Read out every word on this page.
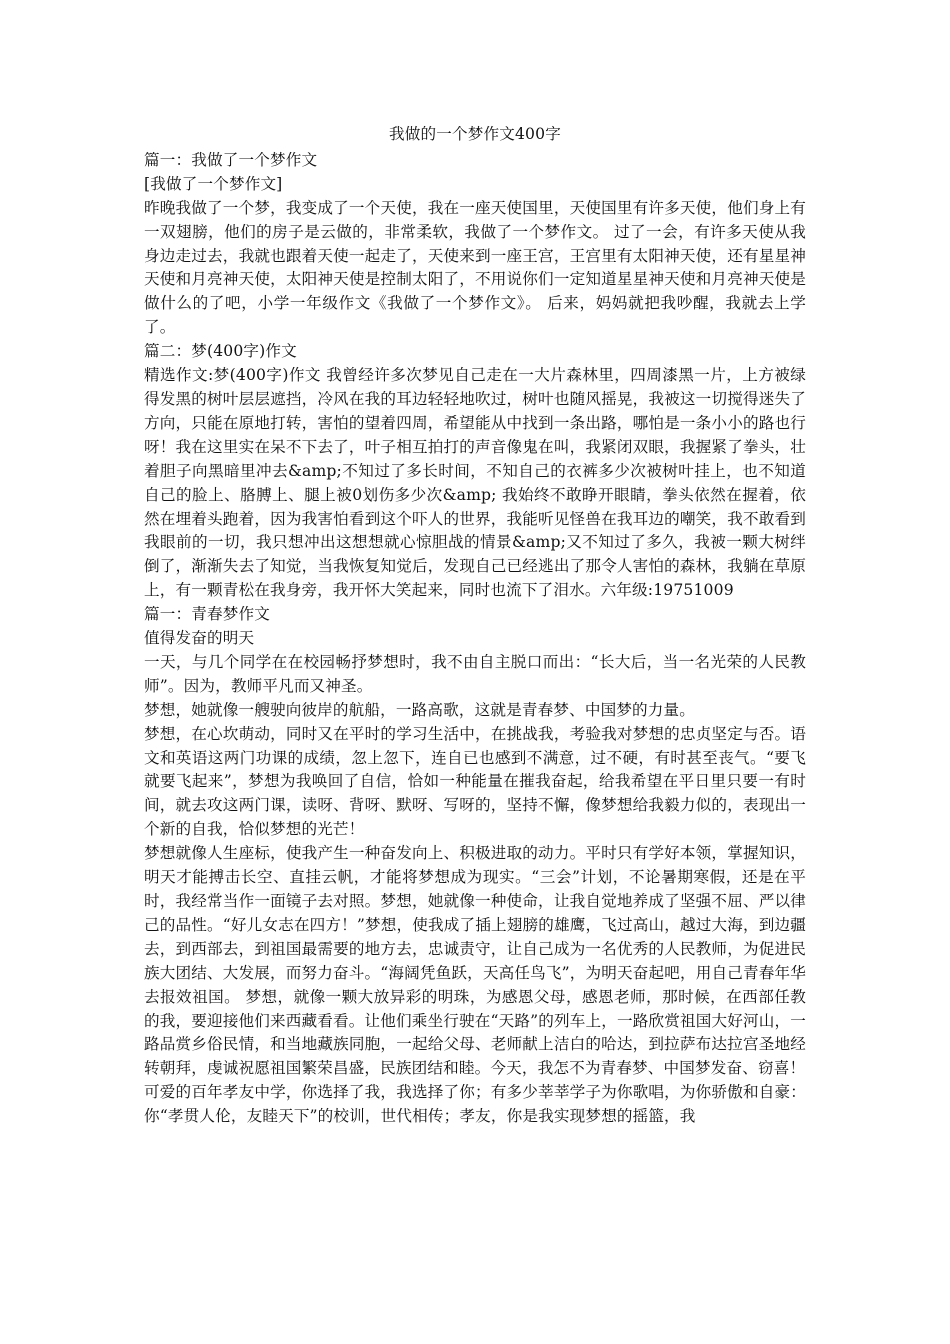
我做的一个梦作文400字

篇一：我做了一个梦作文

[我做了一个梦作文]

昨晚我做了一个梦，我变成了一个天使，我在一座天使国里，天使国里有许多天使，他们身上有一双翅膀，他们的房子是云做的，非常柔软，我做了一个梦作文。 过了一会，有许多天使从我身边走过去，我就也跟着天使一起走了，天使来到一座王宫，王宫里有太阳神天使，还有星星神天使和月亮神天使，太阳神天使是控制太阳了，不用说你们一定知道星星神天使和月亮神天使是做什么的了吧，小学一年级作文《我做了一个梦作文》。 后来，妈妈就把我吵醒，我就去上学了。

篇二：梦(400字)作文

精选作文:梦(400字)作文 我曾经许多次梦见自己走在一大片森林里，四周漆黑一片，上方被绿得发黑的树叶层层遮挡，冷风在我的耳边轻轻地吹过，树叶也随风摇晃，我被这一切搅得迷失了方向，只能在原地打转，害怕的望着四周，希望能从中找到一条出路，哪怕是一条小小的路也行呀！我在这里实在呆不下去了，叶子相互拍打的声音像鬼在叫，我紧闭双眼，我握紧了拳头，壮着胆子向黑暗里冲去&amp;不知过了多长时间，不知自己的衣裤多少次被树叶挂上，也不知道自己的脸上、胳膊上、腿上被0划伤多少次&amp; 我始终不敢睁开眼睛，拳头依然在握着，依然在埋着头跑着，因为我害怕看到这个吓人的世界，我能听见怪兽在我耳边的嘲笑，我不敢看到我眼前的一切，我只想冲出这想想就心惊胆战的情景&amp;又不知过了多久，我被一颗大树绊倒了，渐渐失去了知觉，当我恢复知觉后，发现自己已经逃出了那令人害怕的森林，我躺在草原上，有一颗青松在我身旁，我开怀大笑起来，同时也流下了泪水。六年级:19751009

篇一：青春梦作文

值得发奋的明天

一天，与几个同学在在校园畅抒梦想时，我不由自主脱口而出：“长大后，当一名光荣的人民教师”。因为，教师平凡而又神圣。

梦想，她就像一艘驶向彼岸的航船，一路高歌，这就是青春梦、中国梦的力量。

梦想，在心坎萌动，同时又在平时的学习生活中，在挑战我，考验我对梦想的忠贞坚定与否。语文和英语这两门功课的成绩，忽上忽下，连自已也感到不满意，过不硬，有时甚至丧气。“要飞就要飞起来”，梦想为我唤回了自信，恰如一种能量在摧我奋起，给我希望在平日里只要一有时间，就去攻这两门课，读呀、背呀、默呀、写呀的，坚持不懈，像梦想给我毅力似的，表现出一个新的自我，恰似梦想的光芒！

梦想就像人生座标，使我产生一种奋发向上、积极进取的动力。平时只有学好本领，掌握知识，明天才能搏击长空、直挂云帆，才能将梦想成为现实。“三会”计划，不论暑期寒假，还是在平时，我经常当作一面镜子去对照。梦想，她就像一种使命，让我自觉地养成了坚强不屈、严以律己的品性。“好儿女志在四方！”梦想，使我成了插上翅膀的雄鹰，飞过高山，越过大海，到边疆去，到西部去，到祖国最需要的地方去，忠诚责守，让自己成为一名优秀的人民教师，为促进民族大团结、大发展，而努力奋斗。“海阔凭鱼跃，天高任鸟飞”，为明天奋起吧，用自己青春年华去报效祖国。 梦想，就像一颗大放异彩的明珠，为感恩父母，感恩老师，那时候，在西部任教的我，要迎接他们来西藏看看。让他们乘坐行驶在“天路”的列车上，一路欣赏祖国大好河山，一路品赏乡俗民情，和当地藏族同胞，一起给父母、老师献上洁白的哈达，到拉萨布达拉宫圣地经转朝拜，虔诚祝愿祖国繁荣昌盛，民族团结和睦。今天，我怎不为青春梦、中国梦发奋、窃喜！

可爱的百年孝友中学，你选择了我，我选择了你；有多少莘莘学子为你歌唱，为你骄傲和自豪：你“孝贯人伦，友睦天下”的校训，世代相传；孝友，你是我实现梦想的摇篮，我
